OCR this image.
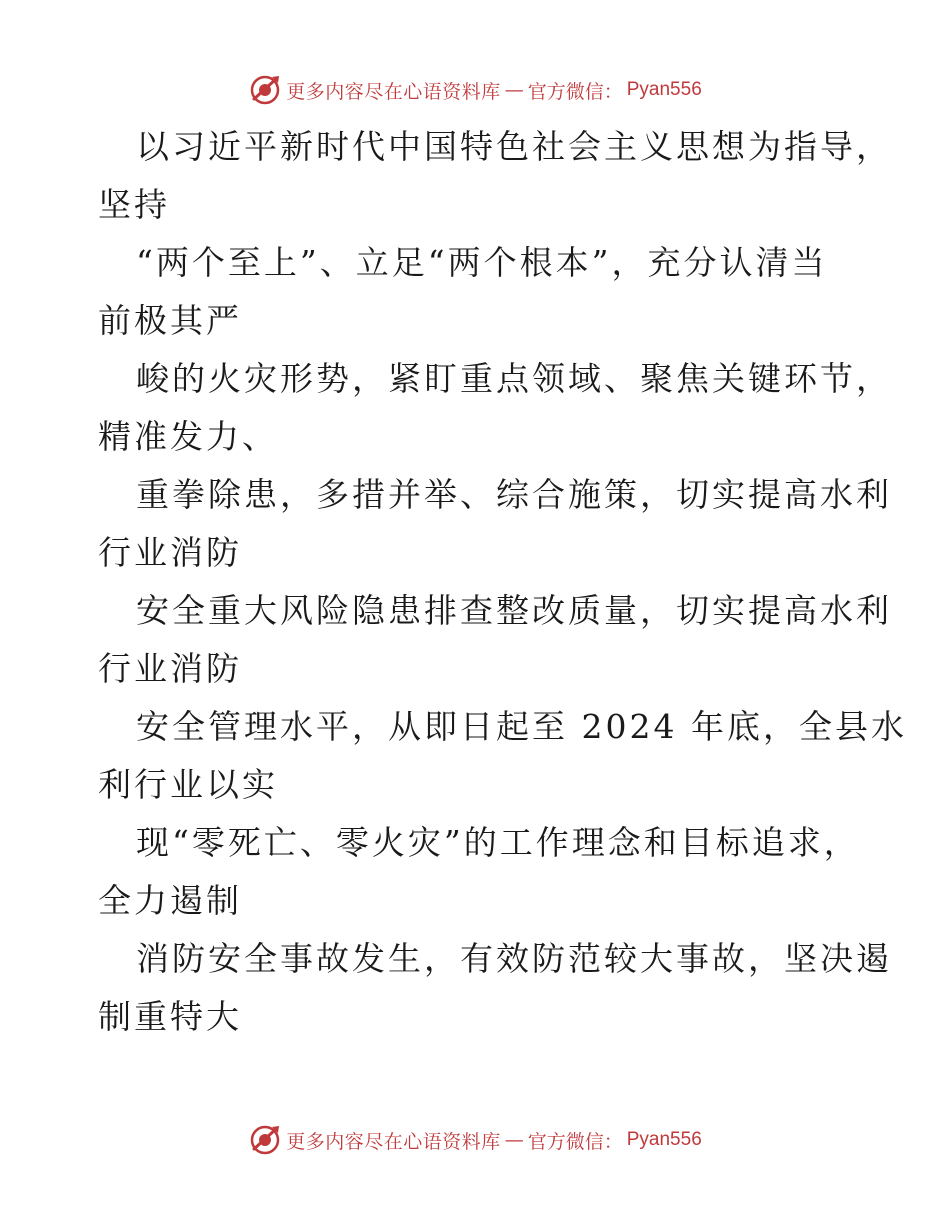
更多内容尽在心语资料库 — 官方微信： Pyan556
以习近平新时代中国特色社会主义思想为指导，
坚持
“两个至上”、立足“两个根本”，充分认清当
前极其严
峻的火灾形势，紧盯重点领域、聚焦关键环节，
精准发力、
重拳除患，多措并举、综合施策，切实提高水利
行业消防
安全重大风险隐患排查整改质量，切实提高水利
行业消防
安全管理水平，从即日起至 2024 年底，全县水
利行业以实
现“零死亡、零火灾”的工作理念和目标追求，
全力遏制
消防安全事故发生，有效防范较大事故，坚决遏
制重特大
更多内容尽在心语资料库 — 官方微信： Pyan556
